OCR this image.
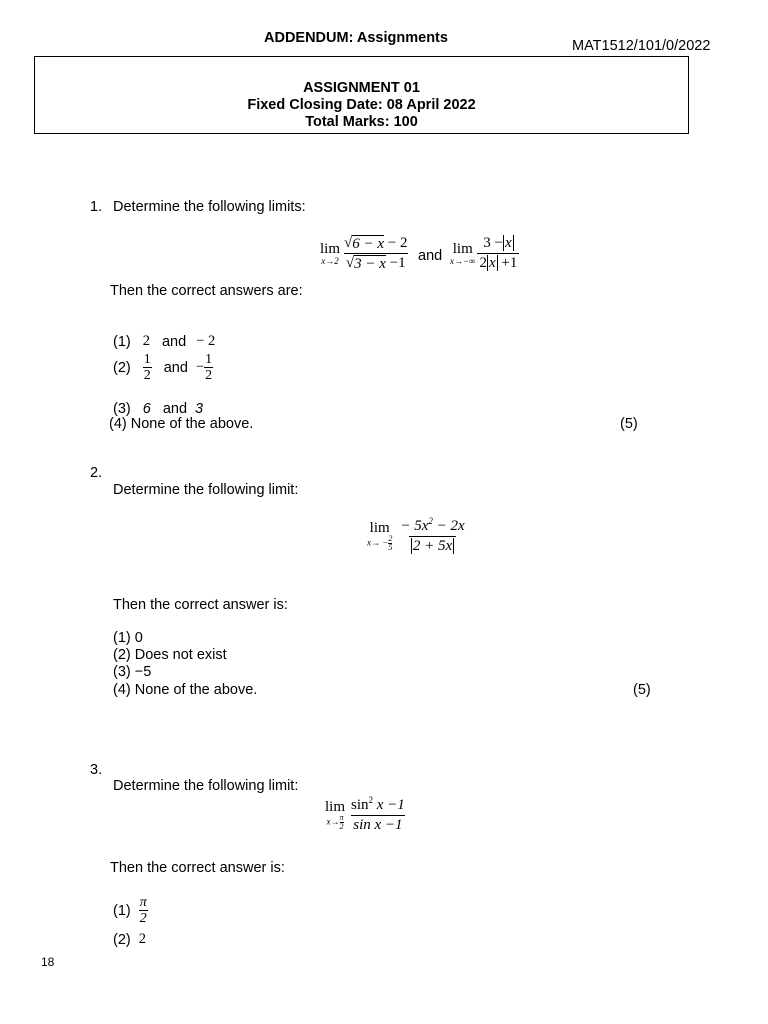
ADDENDUM: Assignments	MAT1512/101/0/2022
ASSIGNMENT 01
Fixed Closing Date: 08 April 2022
Total Marks: 100
1. Determine the following limits:
lim
$x\to 2 \frac{√ 6 - x - 2}{√ 3 - x -1}$ and lim
$x\to-\infty \frac{3 - x}{2 x +1}$
Then the correct answers are:
(1) 2 and − 2
(2) 1
2 and − $\frac{1}{2}$
(3) 6 and 3
(4) None of the above.	(5)
2.
Determine the following limit:
lim
$x\to - \frac{2}{5} \frac{- 5x^2 - 2x}{2 + 5x}$
Then the correct answer is:
(1) 0
(2) Does not exist
(3) −5
(4) None of the above.	(5)
3.
Determine the following limit:
lim
$x\to \frac{\pi}{2} \frac{\sin^2 x -1}{\text{sin x −1}}$
Then the correct answer is:
(1) π
2
(2) 2
18
